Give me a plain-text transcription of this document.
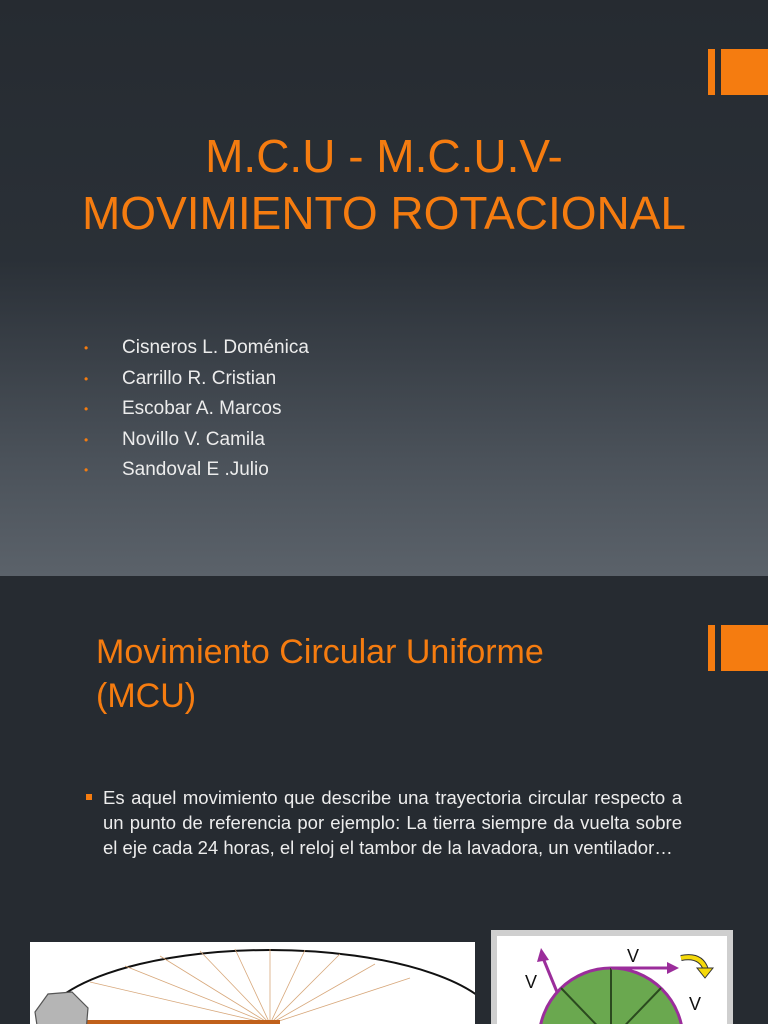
M.C.U - M.C.U.V-
MOVIMIENTO ROTACIONAL
• Cisneros L. Doménica
• Carrillo R. Cristian
• Escobar A. Marcos
• Novillo V. Camila
• Sandoval E .Julio
Movimiento Circular Uniforme
(MCU)
Es aquel movimiento que describe una trayectoria circular respecto a un punto de referencia por ejemplo: La tierra siempre da vuelta sobre el eje cada 24 horas, el reloj el tambor de la lavadora, un ventilador…
V
V
V
